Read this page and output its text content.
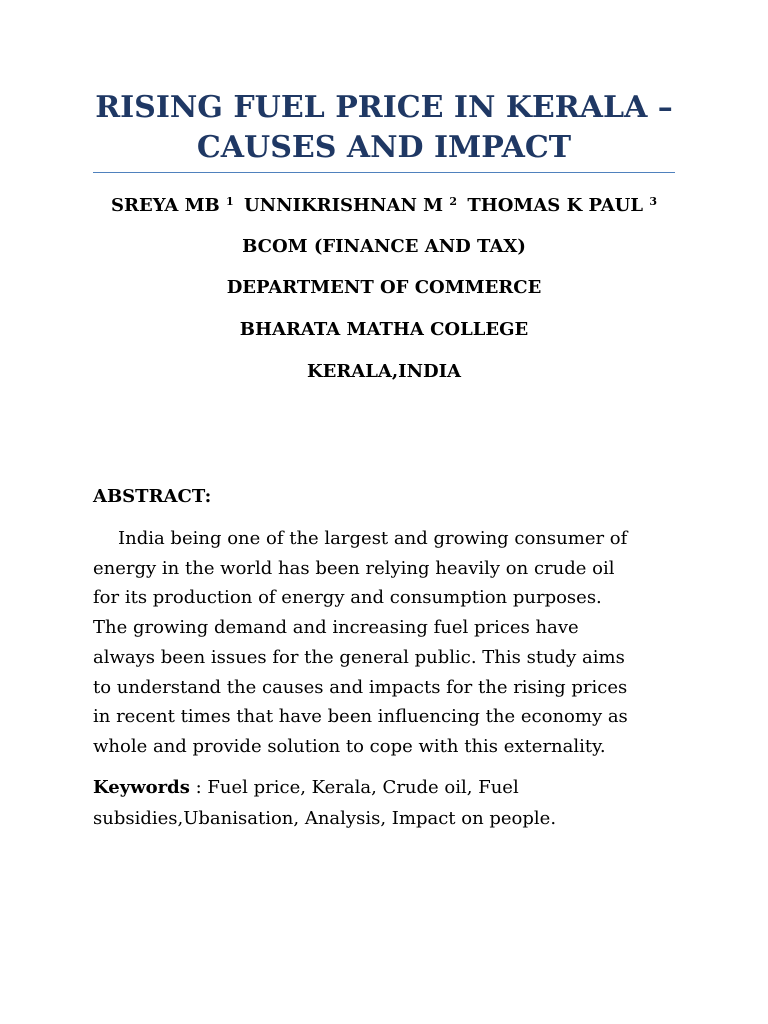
RISING FUEL PRICE IN KERALA –
CAUSES AND IMPACT
SREYA MB $^1$ UNNIKRISHNAN M $^2$ THOMAS K PAUL $^3$

BCOM (FINANCE AND TAX)

DEPARTMENT OF COMMERCE

BHARATA MATHA COLLEGE

KERALA,INDIA

ABSTRACT:

India being one of the largest and growing consumer of
energy in the world has been relying heavily on crude oil
for its production of energy and consumption purposes.
The growing demand and increasing fuel prices have
always been issues for the general public. This study aims
to understand the causes and impacts for the rising prices
in recent times that have been influencing the economy as
whole and provide solution to cope with this externality.

Keywords : Fuel price, Kerala, Crude oil, Fuel
subsidies,Ubanisation, Analysis, Impact on people.
